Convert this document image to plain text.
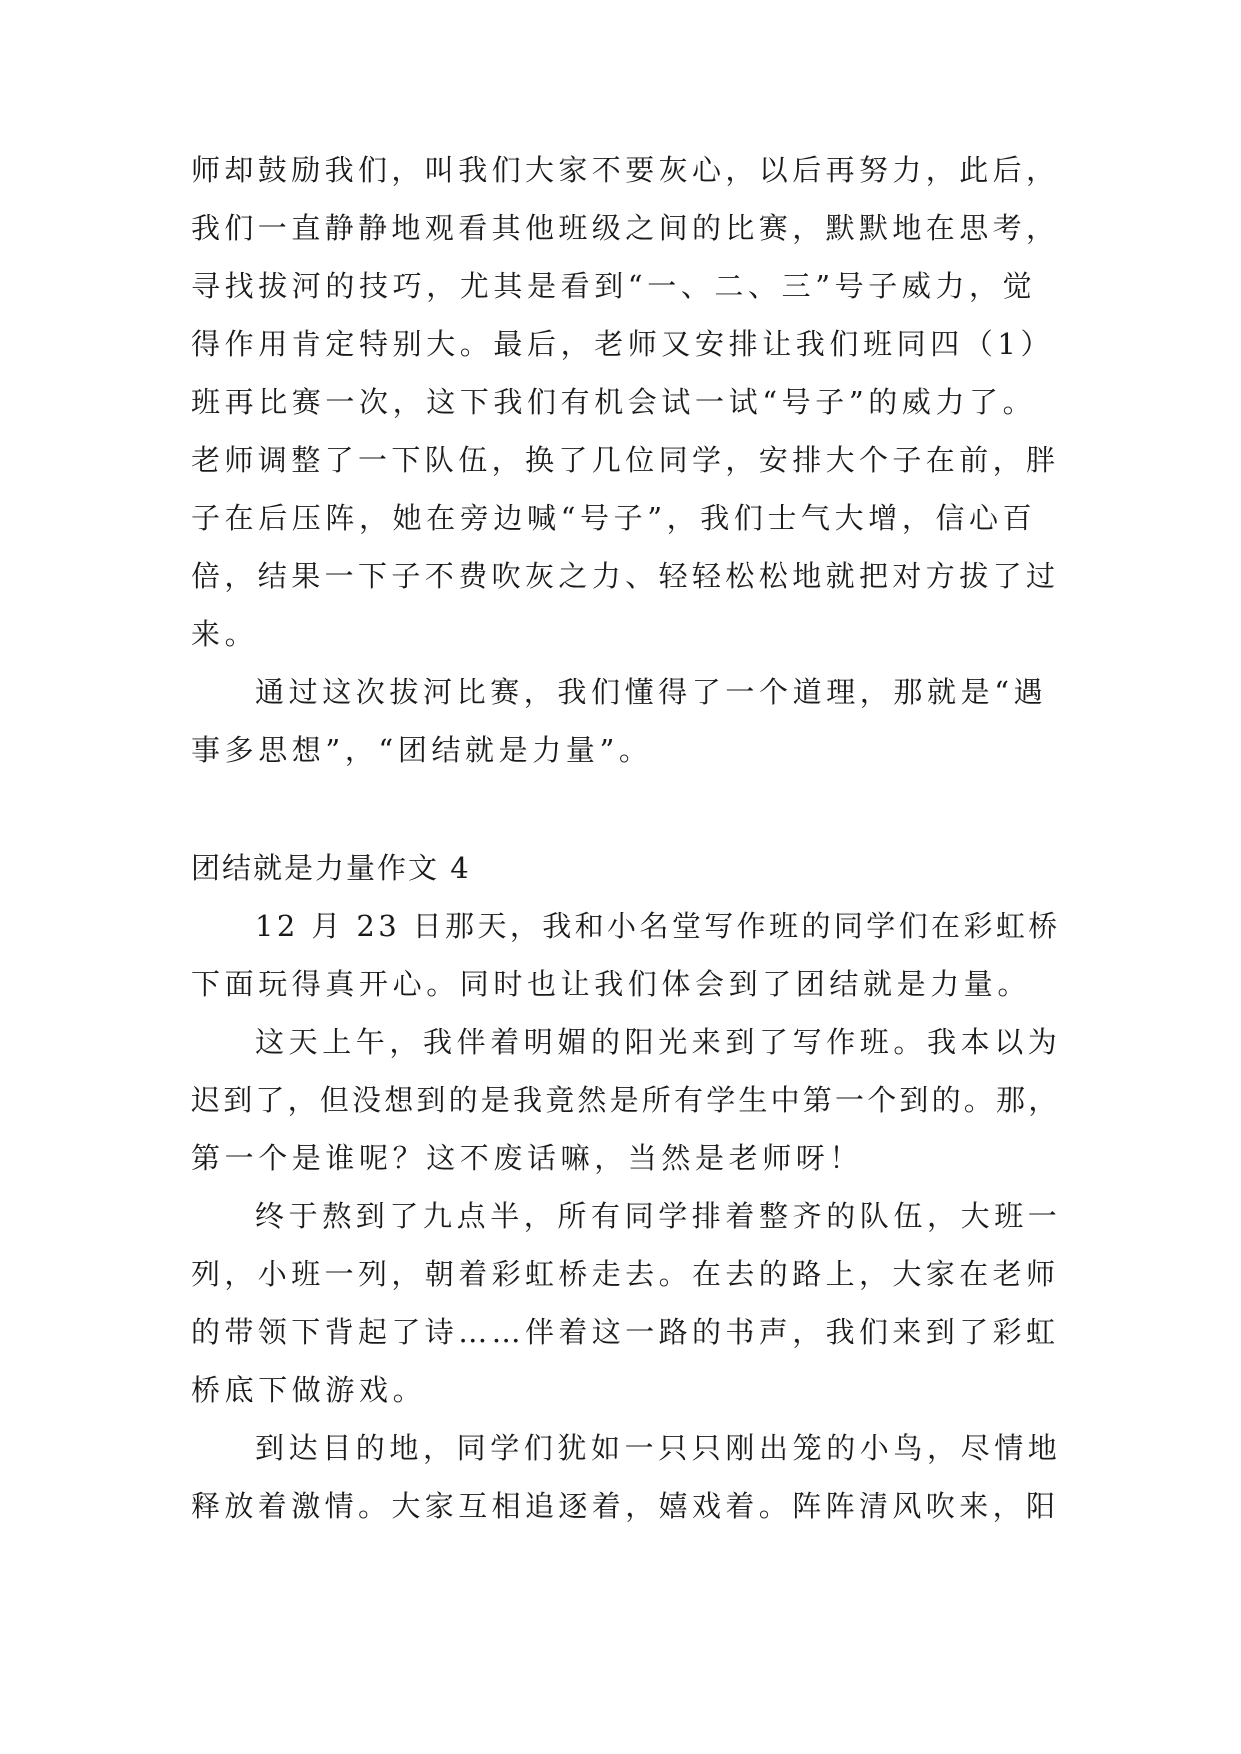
师却鼓励我们，叫我们大家不要灰心，以后再努力，此后，

我们一直静静地观看其他班级之间的比赛，默默地在思考，

寻找拔河的技巧，尤其是看到“一、二、三”号子威力，觉

得作用肯定特别大。最后，老师又安排让我们班同四（1）

班再比赛一次，这下我们有机会试一试“号子”的威力了。

老师调整了一下队伍，换了几位同学，安排大个子在前，胖

子在后压阵，她在旁边喊“号子”，我们士气大增，信心百

倍，结果一下子不费吹灰之力、轻轻松松地就把对方拔了过

来。

通过这次拔河比赛，我们懂得了一个道理，那就是“遇

事多思想”，“团结就是力量”。

团结就是力量作文 4

12 月 23 日那天，我和小名堂写作班的同学们在彩虹桥

下面玩得真开心。同时也让我们体会到了团结就是力量。

这天上午，我伴着明媚的阳光来到了写作班。我本以为

迟到了，但没想到的是我竟然是所有学生中第一个到的。那，

第一个是谁呢？这不废话嘛，当然是老师呀！

终于熬到了九点半，所有同学排着整齐的队伍，大班一

列，小班一列，朝着彩虹桥走去。在去的路上，大家在老师

的带领下背起了诗……伴着这一路的书声，我们来到了彩虹

桥底下做游戏。

到达目的地，同学们犹如一只只刚出笼的小鸟，尽情地

释放着激情。大家互相追逐着，嬉戏着。阵阵清风吹来，阳
